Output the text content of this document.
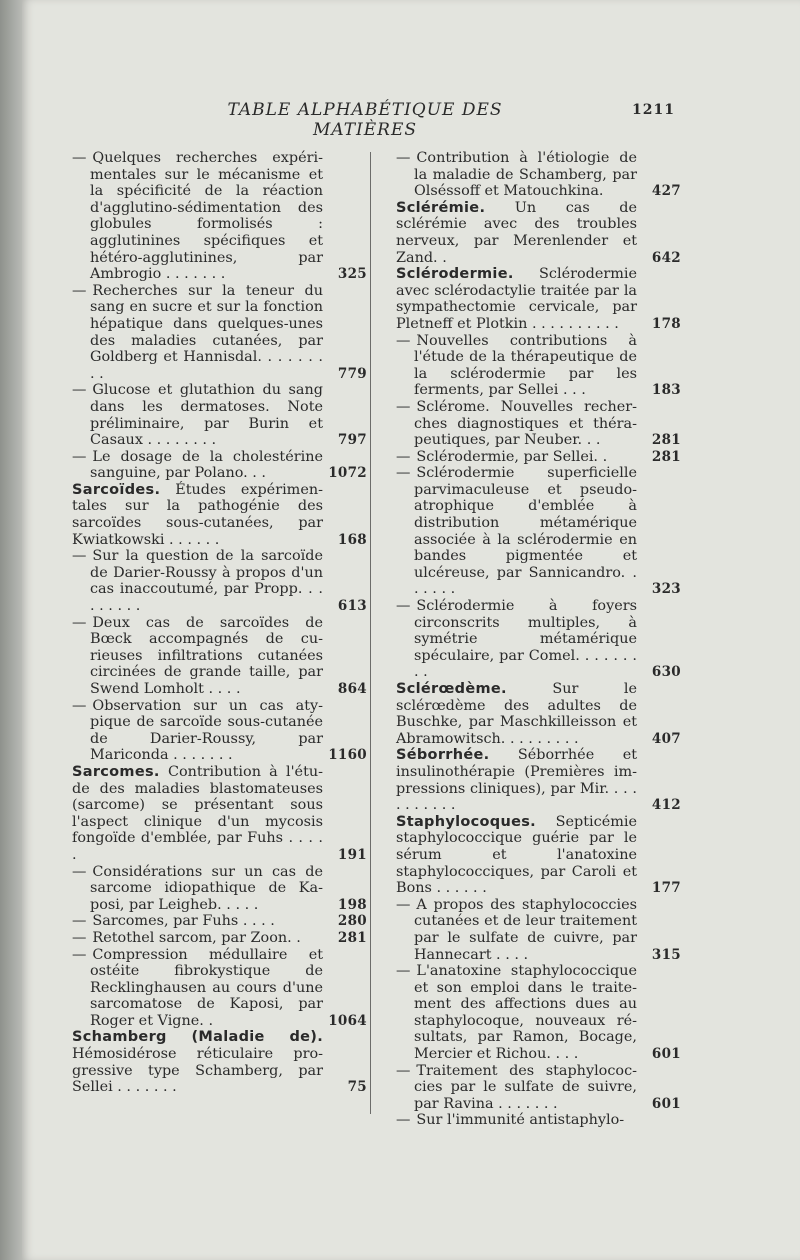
TABLE ALPHABÉTIQUE DES MATIÈRES
1211
— Quelques recherches expérimentales sur le mécanisme et la spécificité de la réaction d'agglutino-sédimentation des globules formolisés : agglutinines spécifiques et hétéro-agglutinines, par Ambrogio . . . . . . .	325
— Recherches sur la teneur du sang en sucre et sur la fonction hépatique dans quelques-unes des maladies cutanées, par Goldberg et Hannisdal. . . . . . . . .	779
— Glucose et glutathion du sang dans les dermatoses. Note préliminaire, par Burin et Casaux . . . . . . . .	797
— Le dosage de la cholestérine sanguine, par Polano. . .	1072
Sarcoïdes. Études expérimentales sur la pathogénie des sarcoïdes sous-cutanées, par Kwiatkowski . . . . . .	168
— Sur la question de la sarcoïde de Darier-Roussy à propos d'un cas inaccoutumé, par Propp. . . . . . . . .	613
— Deux cas de sarcoïdes de Bœck accompagnés de curieuses infiltrations cutanées circinées de grande taille, par Swend Lomholt . . . .	864
— Observation sur un cas atypique de sarcoïde sous-cutanée de Darier-Roussy, par Mariconda . . . . . . .	1160
Sarcomes. Contribution à l'étude des maladies blastomateuses (sarcome) se présentant sous l'aspect clinique d'un mycosis fongoïde d'emblée, par Fuhs . . . . .	191
— Considérations sur un cas de sarcome idiopathique de Kaposi, par Leigheb. . . . .	198
— Sarcomes, par Fuhs . . . .	280
— Retothel sarcom, par Zoon. .	281
— Compression médullaire et ostéite fibrokystique de Recklinghausen au cours d'une sarcomatose de Kaposi, par Roger et Vigne. .	1064
Schamberg (Maladie de). Hémosidérose réticulaire progressive type Schamberg, par Sellei . . . . . . .	75
— Contribution à l'étiologie de la maladie de Schamberg, par Olséssoff et Matouchkina.	427
Sclérémie. Un cas de sclérémie avec des troubles nerveux, par Merenlender et Zand. .	642
Sclérodermie. Sclérodermie avec sclérodactylie traitée par la sympathectomie cervicale, par Pletneff et Plotkin . . . . . . . . . .	178
— Nouvelles contributions à l'étude de la thérapeutique de la sclérodermie par les ferments, par Sellei . . .	183
— Sclérome. Nouvelles recherches diagnostiques et thérapeutiques, par Neuber. . .	281
— Sclérodermie, par Sellei. .	281
— Sclérodermie superficielle parvimaculeuse et pseudo-atrophique d'emblée à distribution métamérique associée à la sclérodermie en bandes pigmentée et ulcéreuse, par Sannicandro. . . . . . .	323
— Sclérodermie à foyers circonscrits multiples, à symétrie métamérique spéculaire, par Comel. . . . . . . . .	630
Sclérœdème.	Sur le sclérœdème des adultes de Buschke, par Maschkilleisson et Abramowitsch. . . . . . . . .	407
Séborrhée. Séborrhée et insulinothérapie (Premières impressions cliniques), par Mir. . . . . . . . . . .	412
Staphylocoques. Septicémie staphylococcique guérie par le sérum et l'anatoxine staphylococciques, par Caroli et Bons . . . . . .	177
— A propos des staphylococcies cutanées et de leur traitement par le sulfate de cuivre, par Hannecart . . . .	315
— L'anatoxine staphylococcique et son emploi dans le traitement des affections dues au staphylocoque, nouveaux résultats, par Ramon, Bocage, Mercier et Richou. . . .	601
— Traitement des staphylococcies par le sulfate de suivre, par Ravina . . . . . . .	601
— Sur l'immunité antistaphylo-
